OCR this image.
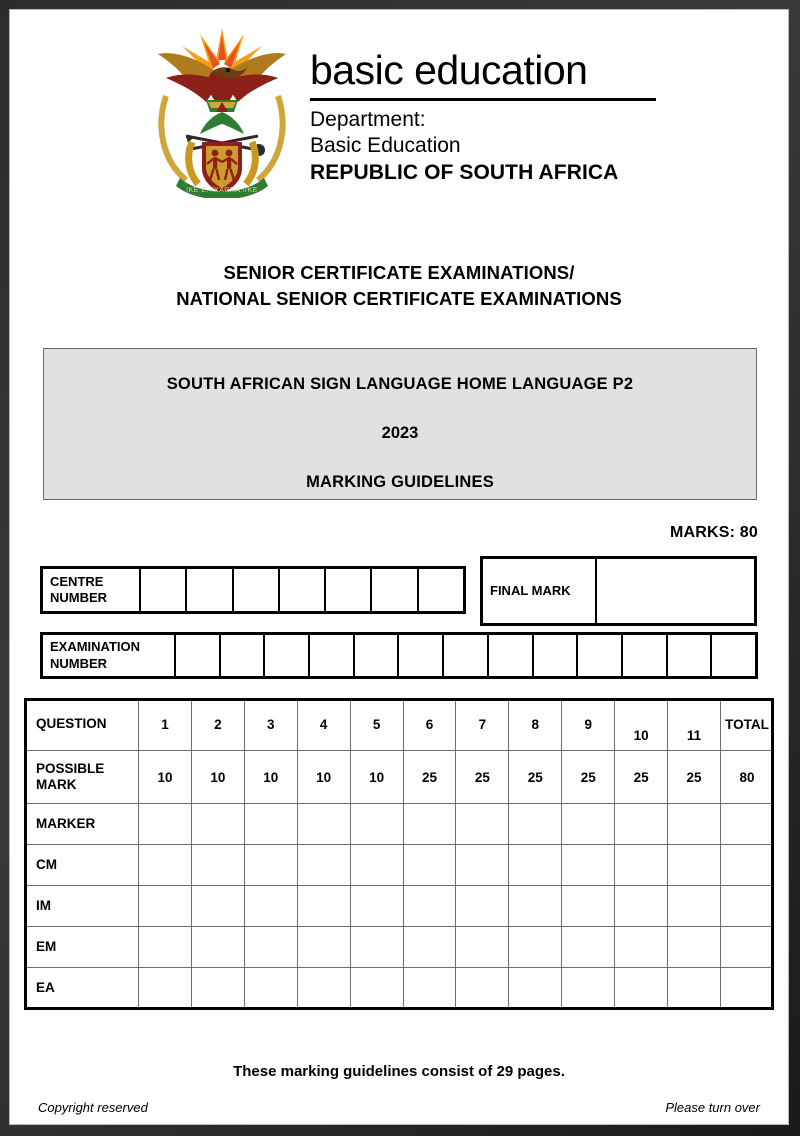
!KE E: /XARRA //KE
basic education
Department:
Basic Education
REPUBLIC OF SOUTH AFRICA
SENIOR CERTIFICATE EXAMINATIONS/
NATIONAL SENIOR CERTIFICATE EXAMINATIONS
SOUTH AFRICAN SIGN LANGUAGE HOME LANGUAGE P2
2023
MARKING GUIDELINES
MARKS: 80
CENTRE
NUMBER	FINAL MARK
EXAMINATION
NUMBER
QUESTION	1	2	3	4	5	6	7	8	9	10	11	TOTAL
POSSIBLE MARK	10	10	10	10	10	25	25	25	25	25	25	80
MARKER												
CM												
IM												
EM												
EA												
These marking guidelines consist of 29 pages.
Copyright reserved	Please turn over
